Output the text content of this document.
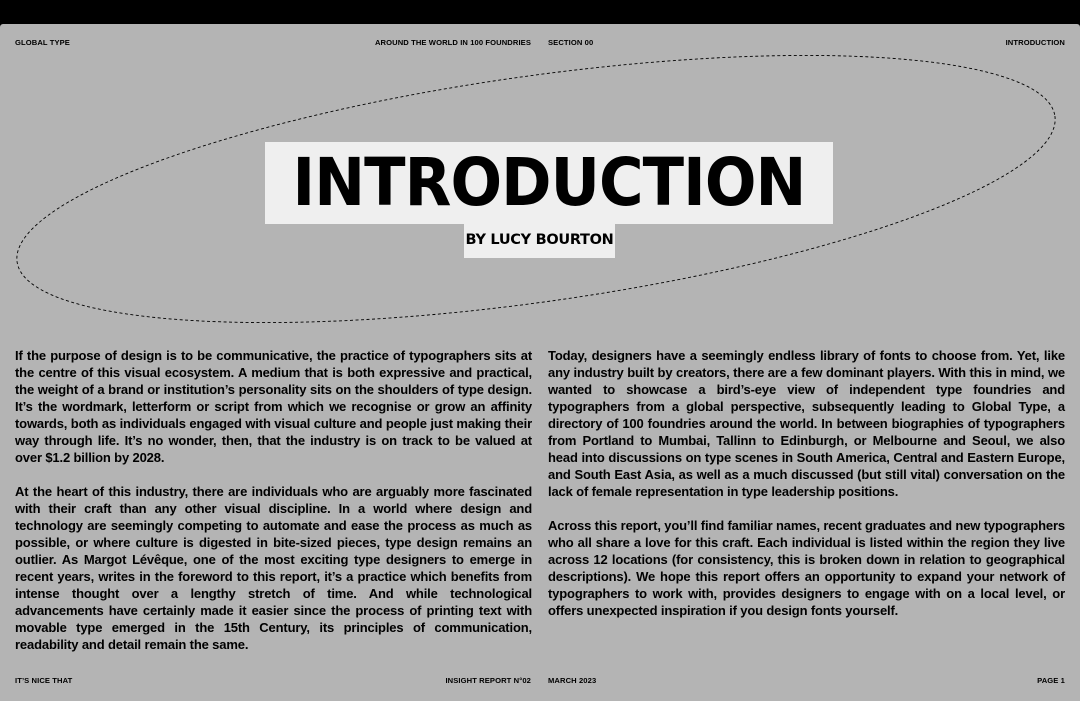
GLOBAL TYPE	AROUND THE WORLD IN 100 FOUNDRIES SECTION 00	INTRODUCTION
INTRODUCTION
BY LUCY BOURTON

If the purpose of design is to be communicative, the practice of typographers sits at the centre of this visual ecosystem. A medium that is both expressive and practical, the weight of a brand or institution’s personality sits on the shoulders of type design. It’s the wordmark, letterform or script from which we recognise or grow an affinity towards, both as individuals engaged with visual culture and people just making their way through life. It’s no wonder, then, that the industry is on track to be valued at over $1.2 billion by 2028.

At the heart of this industry, there are individuals who are arguably more fascinated with their craft than any other visual discipline. In a world where design and technology are seemingly competing to automate and ease the process as much as possible, or where culture is digested in bite-sized pieces, type design remains an outlier. As Margot Lévêque, one of the most exciting type designers to emerge in recent years, writes in the foreword to this report, it’s a practice which benefits from intense thought over a lengthy stretch of time. And while technological advancements have certainly made it easier since the process of printing text with movable type emerged in the 15th Century, its principles of communication, readability and detail remain the same.

Today, designers have a seemingly endless library of fonts to choose from. Yet, like any industry built by creators, there are a few dominant players. With this in mind, we wanted to showcase a bird’s-eye view of independent type foundries and typographers from a global perspective, subsequently leading to Global Type, a directory of 100 foundries around the world. In between biographies of typographers from Portland to Mumbai, Tallinn to Edinburgh, or Melbourne and Seoul, we also head into discussions on type scenes in South America, Central and Eastern Europe, and South East Asia, as well as a much discussed (but still vital) conversation on the lack of female representation in type leadership positions.

Across this report, you’ll find familiar names, recent graduates and new typographers who all share a love for this craft. Each individual is listed within the region they live across 12 locations (for consistency, this is broken down in relation to geographical descriptions). We hope this report offers an opportunity to expand your network of typographers to work with, provides designers to engage with on a local level, or offers unexpected inspiration if you design fonts yourself.

IT’S NICE THAT	INSIGHT REPORT N°02 MARCH 2023	PAGE 1
